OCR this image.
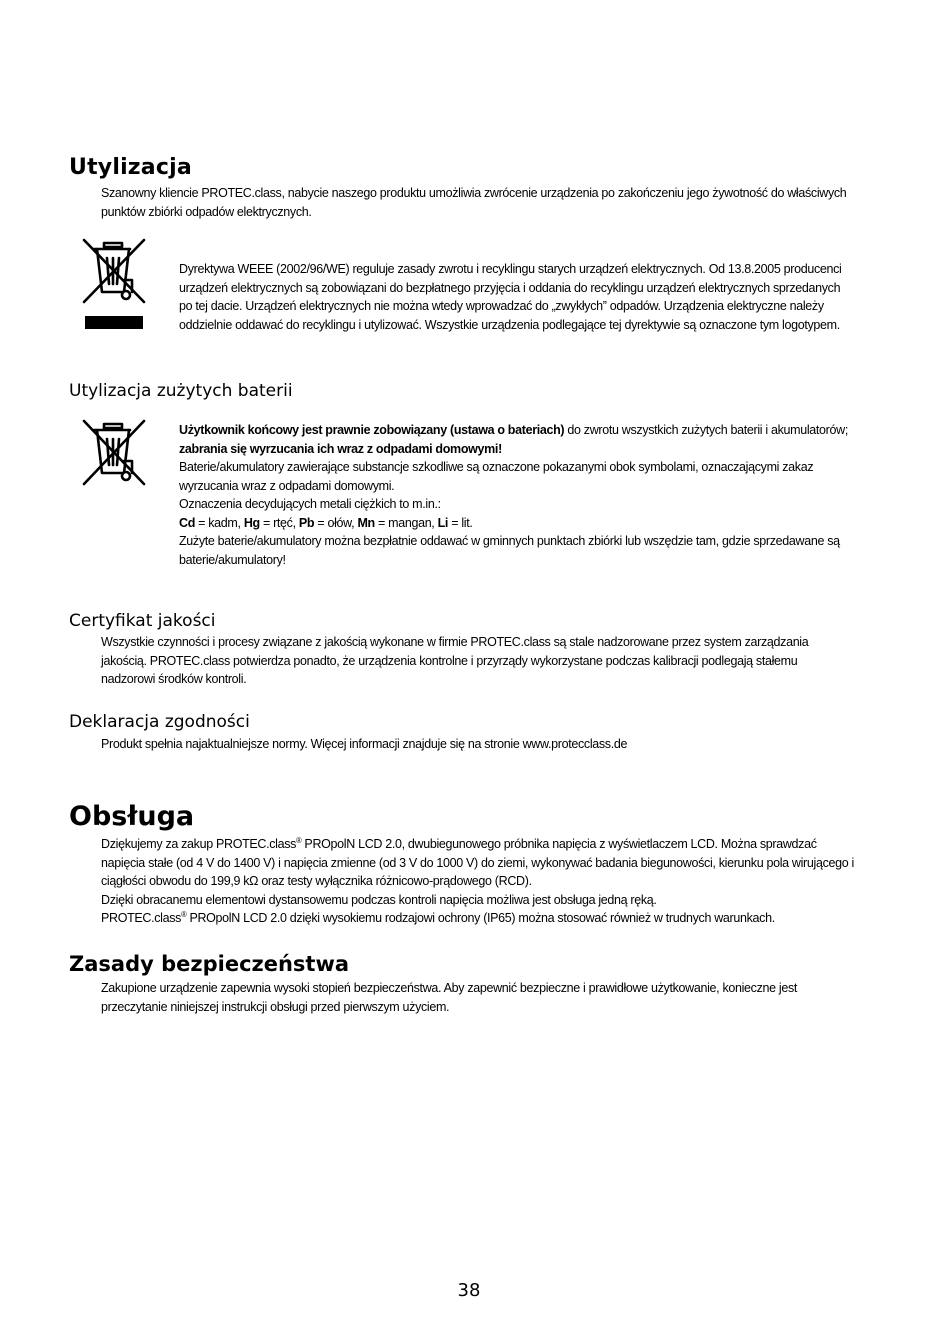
Utylizacja

Szanowny kliencie PROTEC.class, nabycie naszego produktu umożliwia zwrócenie urządzenia po zakończeniu jego żywotność do właściwych punktów zbiórki odpadów elektrycznych.

Dyrektywa WEEE (2002/96/WE) reguluje zasady zwrotu i recyklingu starych urządzeń elektrycznych. Od 13.8.2005 producenci urządzeń elektrycznych są zobowiązani do bezpłatnego przyjęcia i oddania do recyklingu urządzeń elektrycznych sprzedanych po tej dacie. Urządzeń elektrycznych nie można wtedy wprowadzać do „zwykłych” odpadów. Urządzenia elektryczne należy oddzielnie oddawać do recyklingu i utylizować. Wszystkie urządzenia podlegające tej dyrektywie są oznaczone tym logotypem.

Utylizacja zużytych baterii

Użytkownik końcowy jest prawnie zobowiązany (ustawa o bateriach) do zwrotu wszystkich zużytych baterii i akumulatorów;

zabrania się wyrzucania ich wraz z odpadami domowymi!

Baterie/akumulatory zawierające substancje szkodliwe są oznaczone pokazanymi obok symbolami, oznaczającymi zakaz wyrzucania wraz z odpadami domowymi.

Oznaczenia decydujących metali ciężkich to m.in.:

Cd = kadm, Hg = rtęć, Pb = ołów, Mn = mangan, Li = lit.

Zużyte baterie/akumulatory można bezpłatnie oddawać w gminnych punktach zbiórki lub wszędzie tam, gdzie sprzedawane są baterie/akumulatory!

Certyfikat jakości

Wszystkie czynności i procesy związane z jakością wykonane w firmie PROTEC.class są stale nadzorowane przez system zarządzania jakością. PROTEC.class potwierdza ponadto, że urządzenia kontrolne i przyrządy wykorzystane podczas kalibracji podlegają stałemu nadzorowi środków kontroli.

Deklaracja zgodności

Produkt spełnia najaktualniejsze normy. Więcej informacji znajduje się na stronie www.protecclass.de

Obsługa

Dziękujemy za zakup PROTEC.class® PROpolN LCD 2.0, dwubiegunowego próbnika napięcia z wyświetlaczem LCD. Można sprawdzać napięcia stałe (od 4 V do 1400 V) i napięcia zmienne (od 3 V do 1000 V) do ziemi, wykonywać badania biegunowości, kierunku pola wirującego i ciągłości obwodu do 199,9 kΩ oraz testy wyłącznika różnicowo-prądowego (RCD).

Dzięki obracanemu elementowi dystansowemu podczas kontroli napięcia możliwa jest obsługa jedną ręką.

PROTEC.class® PROpolN LCD 2.0 dzięki wysokiemu rodzajowi ochrony (IP65) można stosować również w trudnych warunkach.

Zasady bezpieczeństwa

Zakupione urządzenie zapewnia wysoki stopień bezpieczeństwa. Aby zapewnić bezpieczne i prawidłowe użytkowanie, konieczne jest przeczytanie niniejszej instrukcji obsługi przed pierwszym użyciem.

38
